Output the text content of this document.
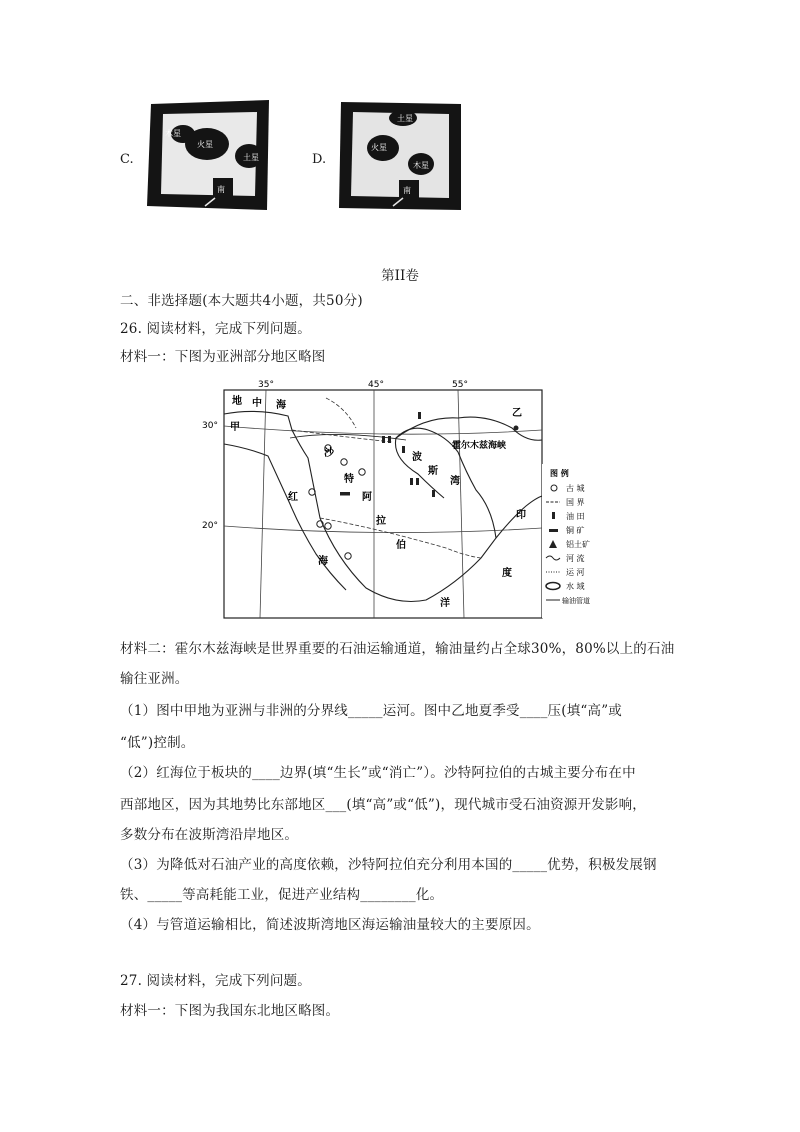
C.
木星
火星
土星
南
D.
土星
火星
木星
南
第II卷
二、非选择题(本大题共4小题，共50分)
26. 阅读材料，完成下列问题。
材料一：下图为亚洲部分地区略图
35°	45°	55°
30°
20°
地 中 海
甲
沙
特
阿
拉
伯
红
海
波
斯
湾
乙
霍尔木兹海峡
印
度
洋
图 例
古 城
国 界
油 田
铜 矿
铝土矿
河 流
运 河
水 域
输油管道
材料二：霍尔木兹海峡是世界重要的石油运输通道，输油量约占全球30%，80%以上的石油
输往亚洲。
（1）图中甲地为亚洲与非洲的分界线_____运河。图中乙地夏季受____压(填“高”或
“低”)控制。
（2）红海位于板块的____边界(填“生长”或“消亡”）。沙特阿拉伯的古城主要分布在中
西部地区，因为其地势比东部地区___(填“高”或“低”)，现代城市受石油资源开发影响，
多数分布在波斯湾沿岸地区。
（3）为降低对石油产业的高度依赖，沙特阿拉伯充分利用本国的_____优势，积极发展钢
铁、_____等高耗能工业，促进产业结构________化。
（4）与管道运输相比，简述波斯湾地区海运输油量较大的主要原因。
27. 阅读材料，完成下列问题。
材料一：下图为我国东北地区略图。
